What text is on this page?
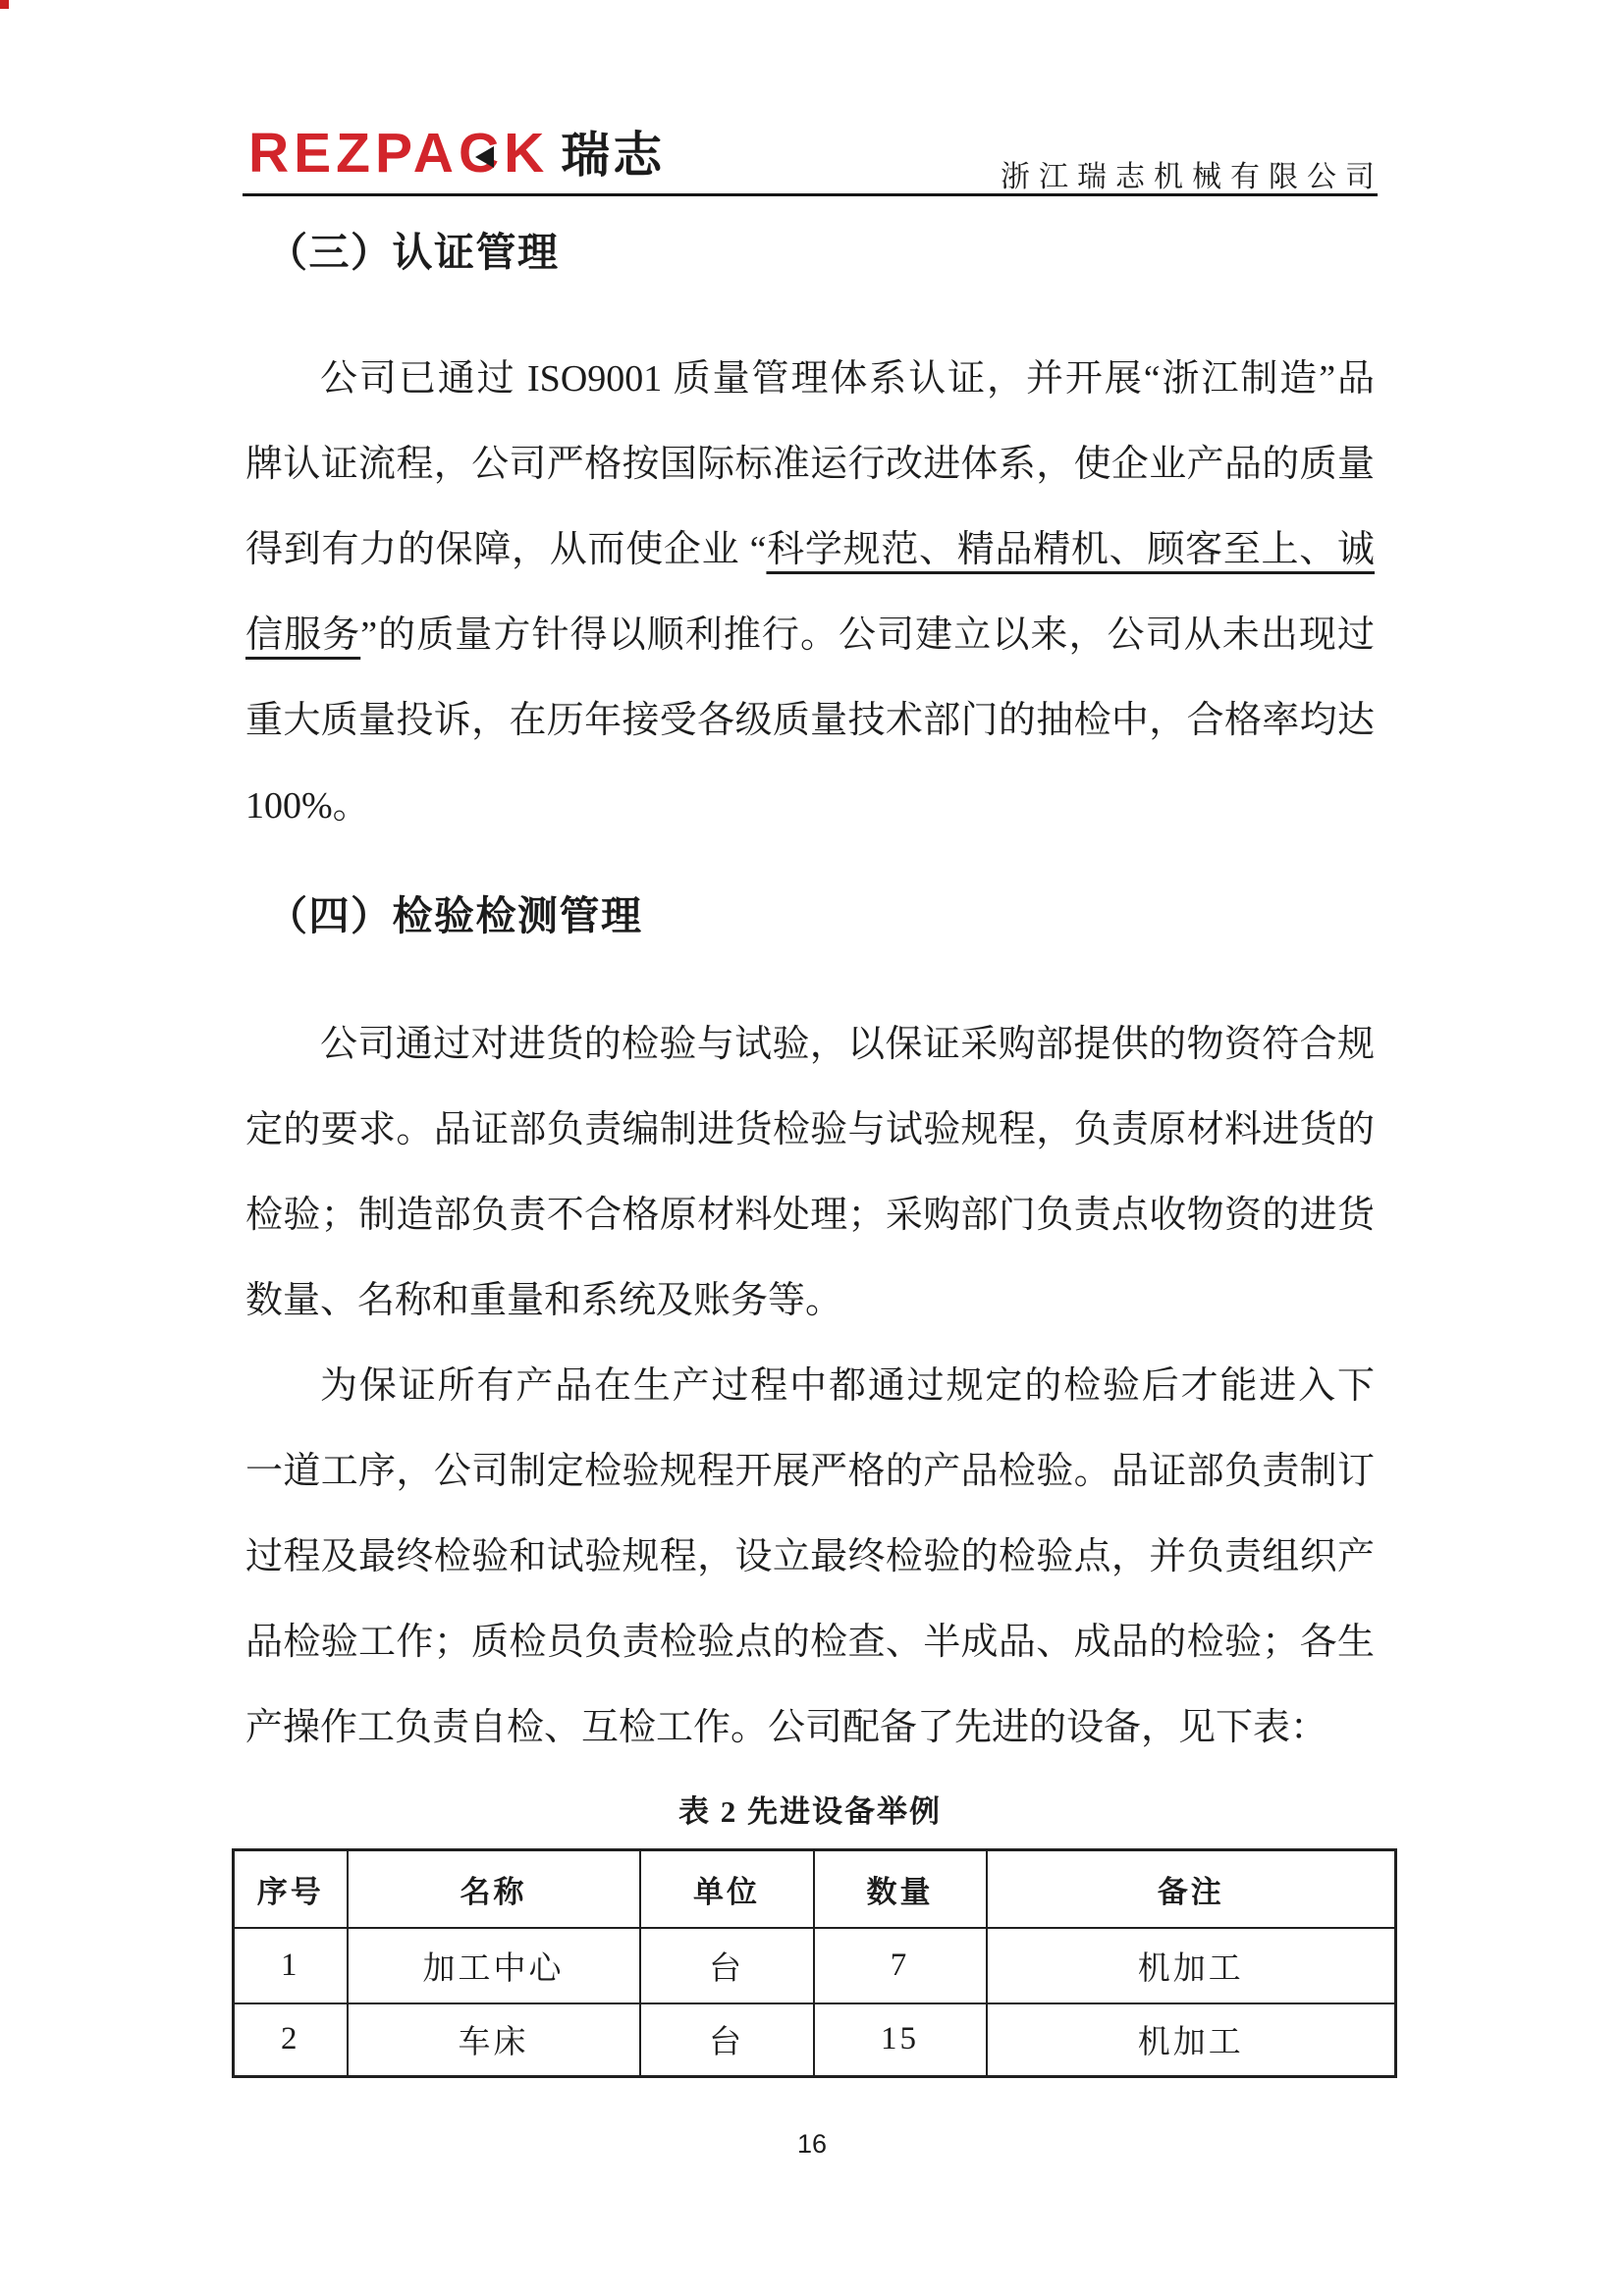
REZPACK 瑞志	浙江瑞志机械有限公司
（三）认证管理
公司已通过 ISO9001 质量管理体系认证，并开展“浙江制造”品
牌认证流程，公司严格按国际标准运行改进体系，使企业产品的质量
得到有力的保障，从而使企业 “科学规范、精品精机、顾客至上、诚
信服务”的质量方针得以顺利推行。公司建立以来，公司从未出现过
重大质量投诉，在历年接受各级质量技术部门的抽检中，合格率均达
100%。
（四）检验检测管理
公司通过对进货的检验与试验，以保证采购部提供的物资符合规
定的要求。品证部负责编制进货检验与试验规程，负责原材料进货的
检验；制造部负责不合格原材料处理；采购部门负责点收物资的进货
数量、名称和重量和系统及账务等。
为保证所有产品在生产过程中都通过规定的检验后才能进入下
一道工序，公司制定检验规程开展严格的产品检验。品证部负责制订
过程及最终检验和试验规程，设立最终检验的检验点，并负责组织产
品检验工作；质检员负责检验点的检查、半成品、成品的检验；各生
产操作工负责自检、互检工作。公司配备了先进的设备，见下表：
表 2 先进设备举例
序号	名称	单位	数量	备注
1	加工中心	台	7	机加工
2	车床	台	15	机加工
16
